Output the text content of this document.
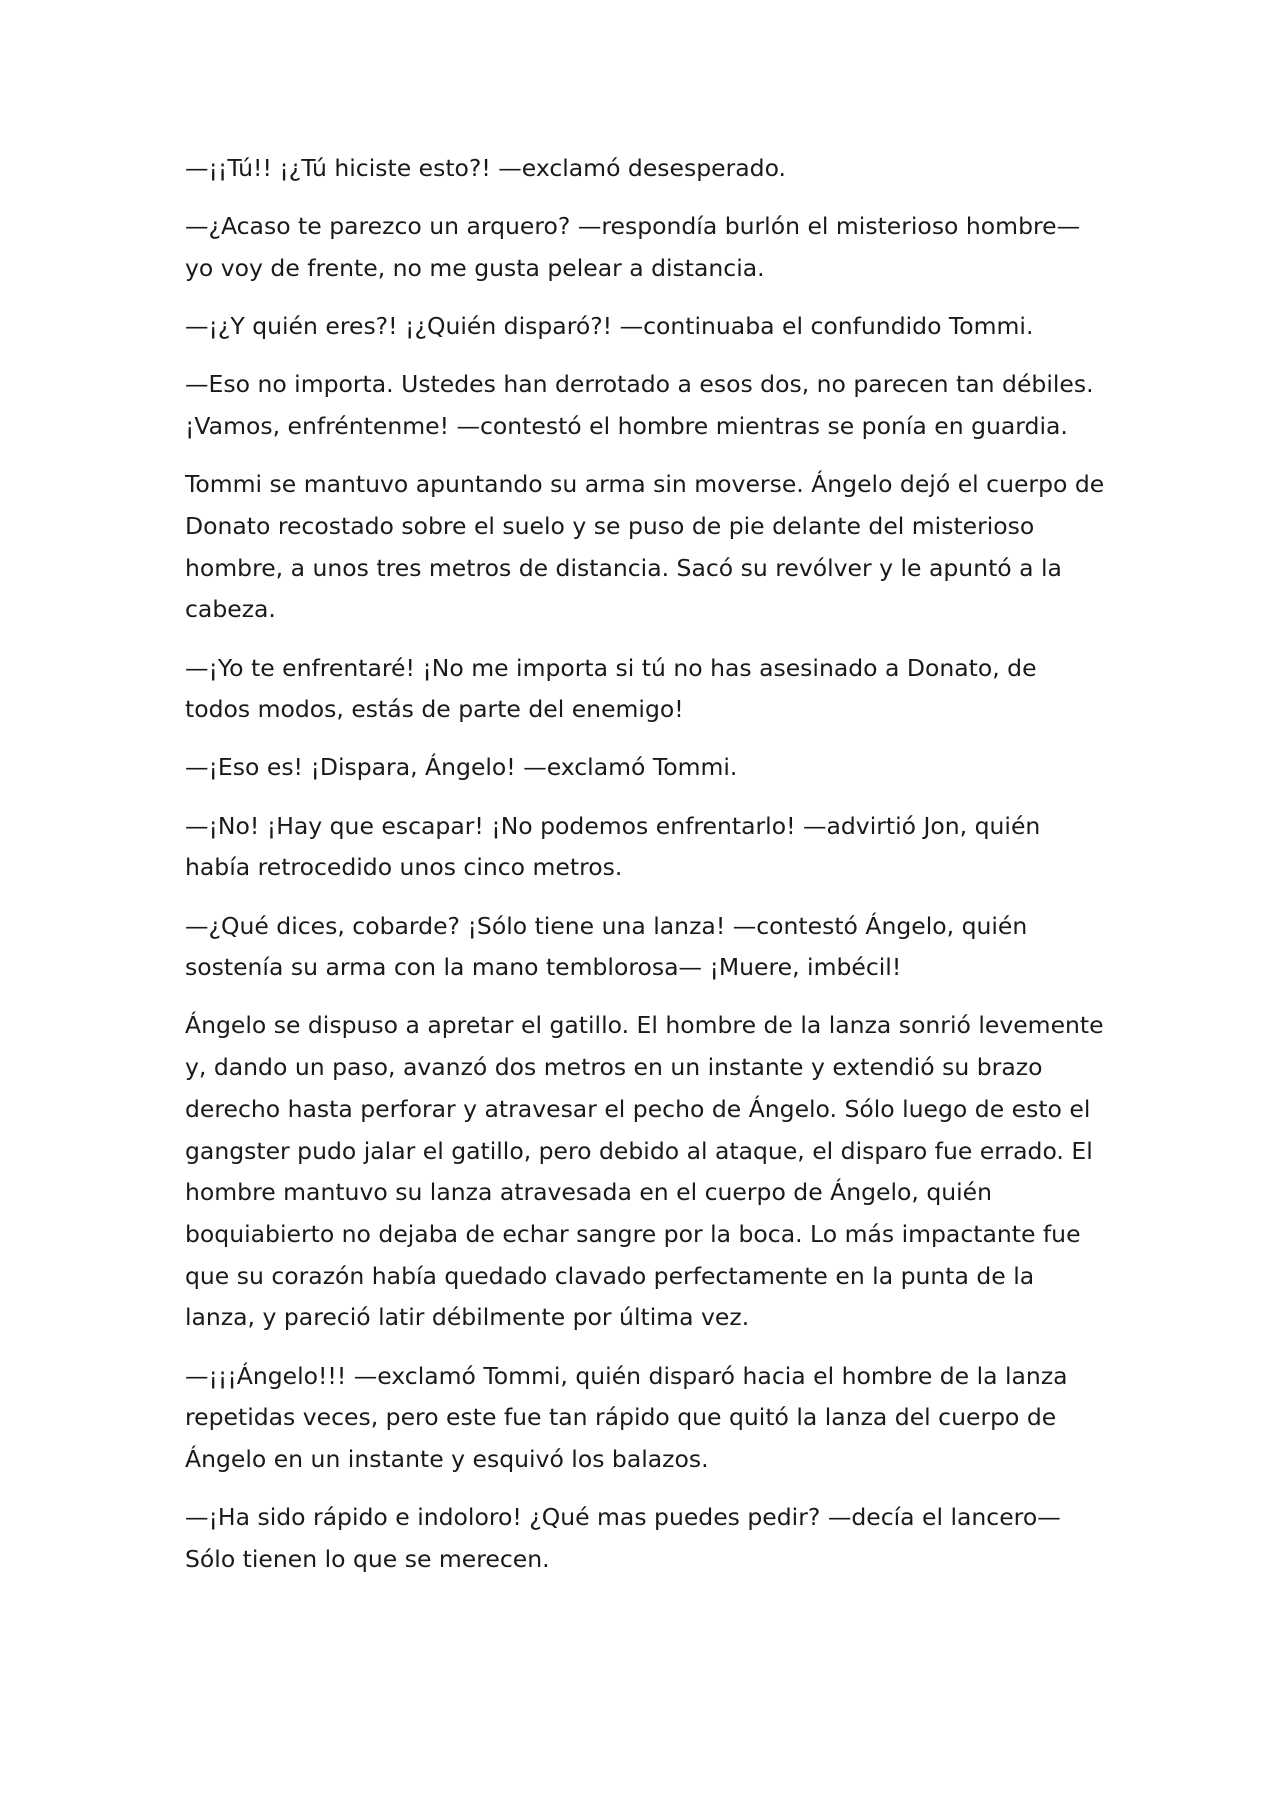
—¡¡Tú!! ¡¿Tú hiciste esto?! —exclamó desesperado.

—¿Acaso te parezco un arquero? —respondía burlón el misterioso hombre— yo voy de frente, no me gusta pelear a distancia.

—¡¿Y quién eres?! ¡¿Quién disparó?! —continuaba el confundido Tommi.

—Eso no importa. Ustedes han derrotado a esos dos, no parecen tan débiles. ¡Vamos, enfréntenme! —contestó el hombre mientras se ponía en guardia.

Tommi se mantuvo apuntando su arma sin moverse. Ángelo dejó el cuerpo de Donato recostado sobre el suelo y se puso de pie delante del misterioso hombre, a unos tres metros de distancia. Sacó su revólver y le apuntó a la cabeza.

—¡Yo te enfrentaré! ¡No me importa si tú no has asesinado a Donato, de todos modos, estás de parte del enemigo!

—¡Eso es! ¡Dispara, Ángelo! —exclamó Tommi.

—¡No! ¡Hay que escapar! ¡No podemos enfrentarlo! —advirtió Jon, quién había retrocedido unos cinco metros.

—¿Qué dices, cobarde? ¡Sólo tiene una lanza! —contestó Ángelo, quién sostenía su arma con la mano temblorosa— ¡Muere, imbécil!

Ángelo se dispuso a apretar el gatillo. El hombre de la lanza sonrió levemente y, dando un paso, avanzó dos metros en un instante y extendió su brazo derecho hasta perforar y atravesar el pecho de Ángelo. Sólo luego de esto el gangster pudo jalar el gatillo, pero debido al ataque, el disparo fue errado. El hombre mantuvo su lanza atravesada en el cuerpo de Ángelo, quién boquiabierto no dejaba de echar sangre por la boca. Lo más impactante fue que su corazón había quedado clavado perfectamente en la punta de la lanza, y pareció latir débilmente por última vez.

—¡¡¡Ángelo!!! —exclamó Tommi, quién disparó hacia el hombre de la lanza repetidas veces, pero este fue tan rápido que quitó la lanza del cuerpo de Ángelo en un instante y esquivó los balazos.

—¡Ha sido rápido e indoloro! ¿Qué mas puedes pedir? —decía el lancero— Sólo tienen lo que se merecen.
